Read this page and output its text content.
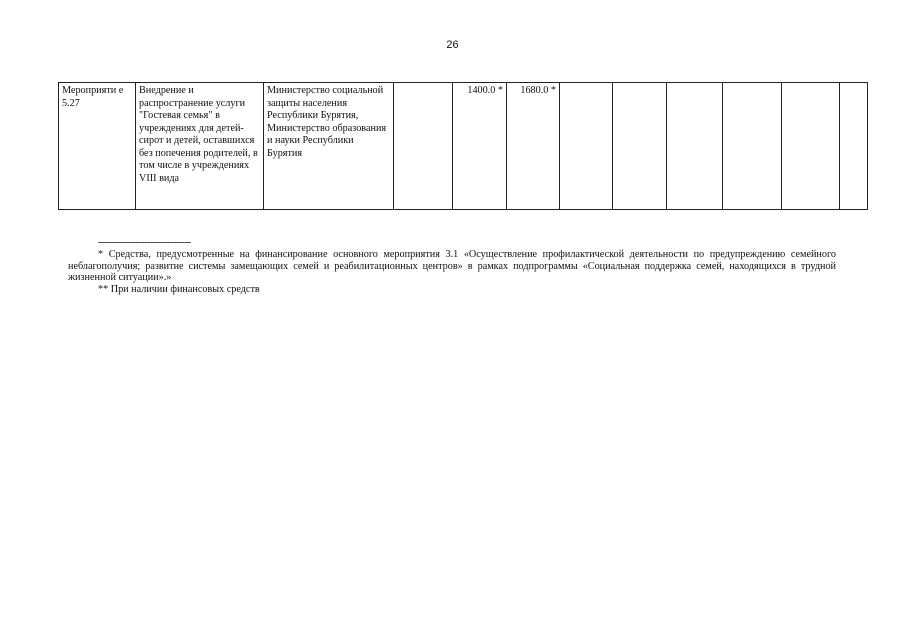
26
Мероприяти е 5.27	Внедрение и распространение услуги "Гостевая семья" в учреждениях для детей-сирот и детей, оставшихся без попечения родителей, в том числе в учреждениях VIII вида	Министерство социальной защиты населения Республики Бурятия, Министерство образования и науки Республики Бурятия		1400.0 *	1680.0 *						
--------------------------------

* Средства, предусмотренные на финансирование основного мероприятия 3.1 «Осуществление профилактической деятельности по предупреждению семейного неблагополучия; развитие системы замещающих семей и реабилитационных центров» в рамках подпрограммы «Социальная поддержка семей, находящихся в трудной жизненной ситуации».»

** При наличии финансовых средств
